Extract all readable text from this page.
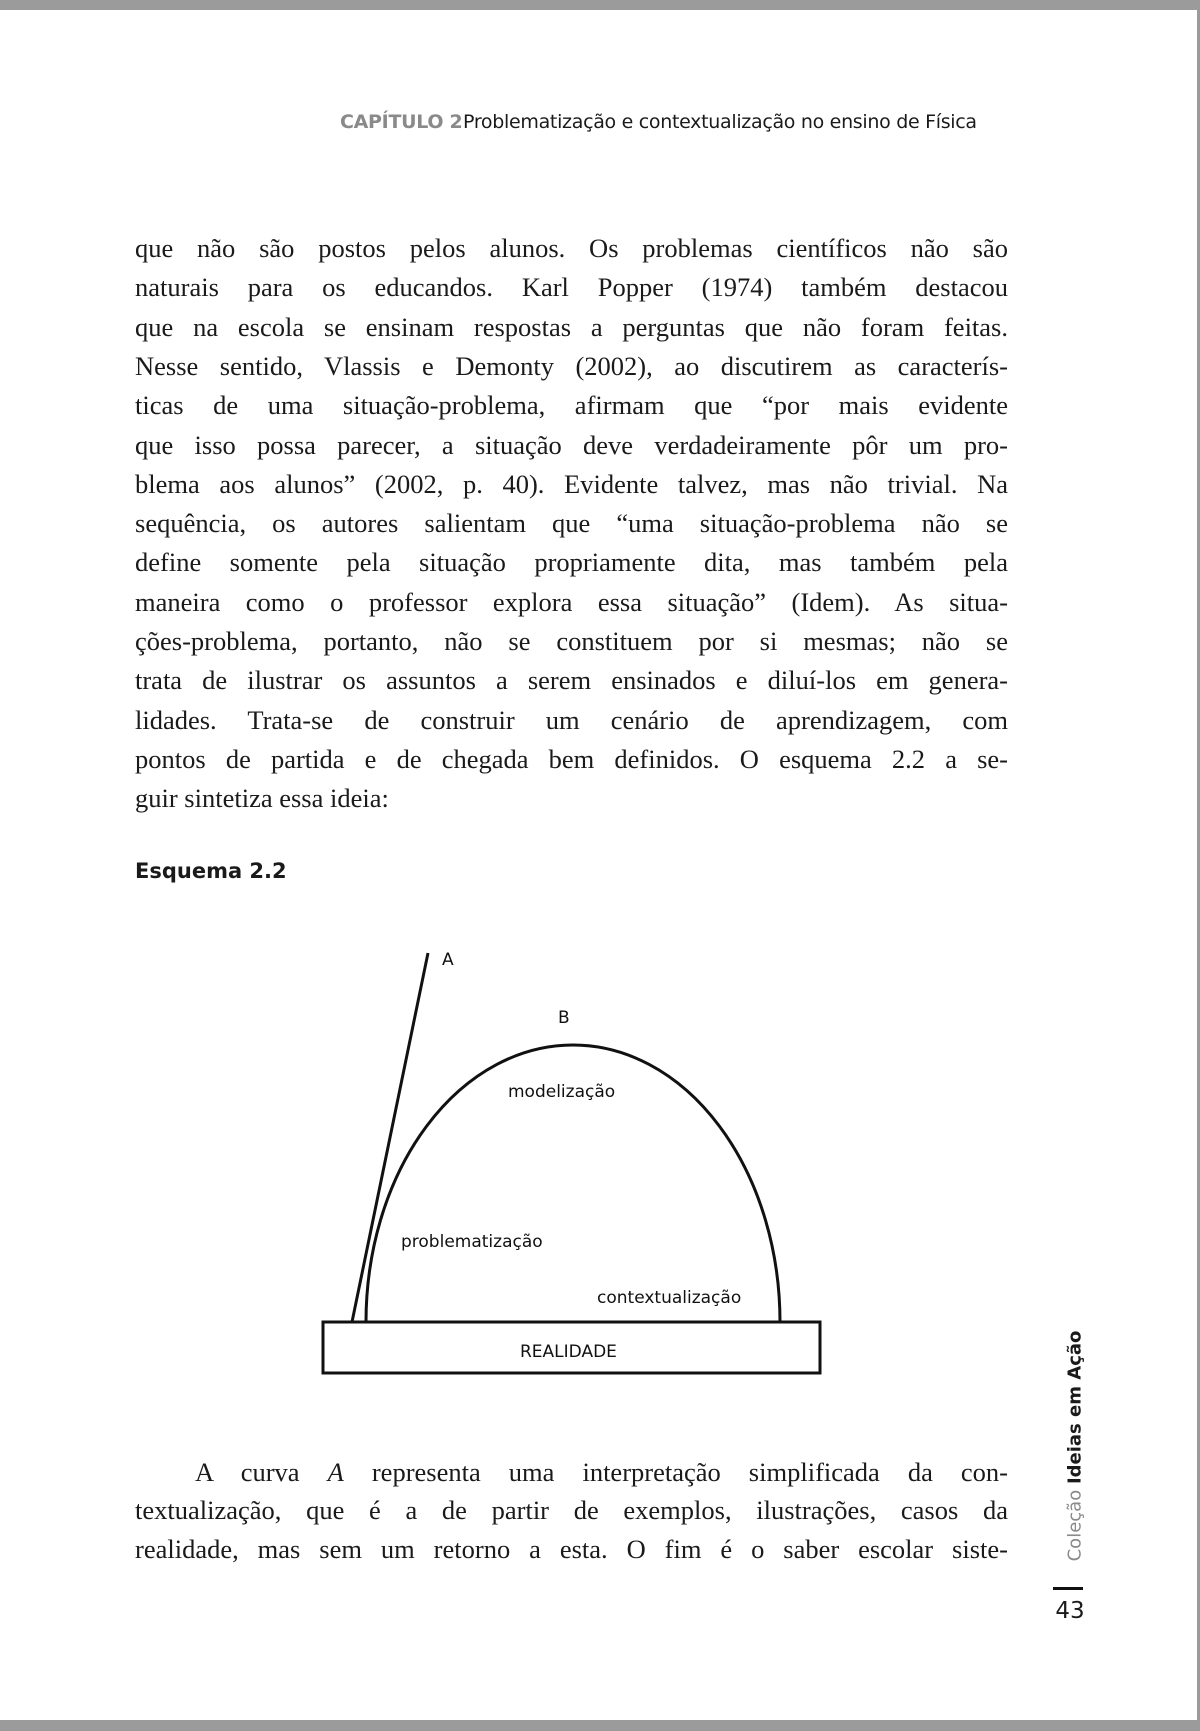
CAPÍTULO 2 Problematização e contextualização no ensino de Física
que não são postos pelos alunos. Os problemas científicos não são
naturais para os educandos. Karl Popper (1974) também destacou
que na escola se ensinam respostas a perguntas que não foram feitas.
Nesse sentido, Vlassis e Demonty (2002), ao discutirem as caracterís-
ticas de uma situação-problema, afirmam que “por mais evidente
que isso possa parecer, a situação deve verdadeiramente pôr um pro-
blema aos alunos” (2002, p. 40). Evidente talvez, mas não trivial. Na
sequência, os autores salientam que “uma situação-problema não se
define somente pela situação propriamente dita, mas também pela
maneira como o professor explora essa situação” (Idem). As situa-
ções-problema, portanto, não se constituem por si mesmas; não se
trata de ilustrar os assuntos a serem ensinados e diluí-los em genera-
lidades. Trata-se de construir um cenário de aprendizagem, com
pontos de partida e de chegada bem definidos. O esquema 2.2 a se-
guir sintetiza essa ideia:
Esquema 2.2
A
B
modelização
problematização
contextualização
REALIDADE
A curva A representa uma interpretação simplificada da con-
textualização, que é a de partir de exemplos, ilustrações, casos da
realidade, mas sem um retorno a esta. O fim é o saber escolar siste-	Coleção Ideias em Ação
43
